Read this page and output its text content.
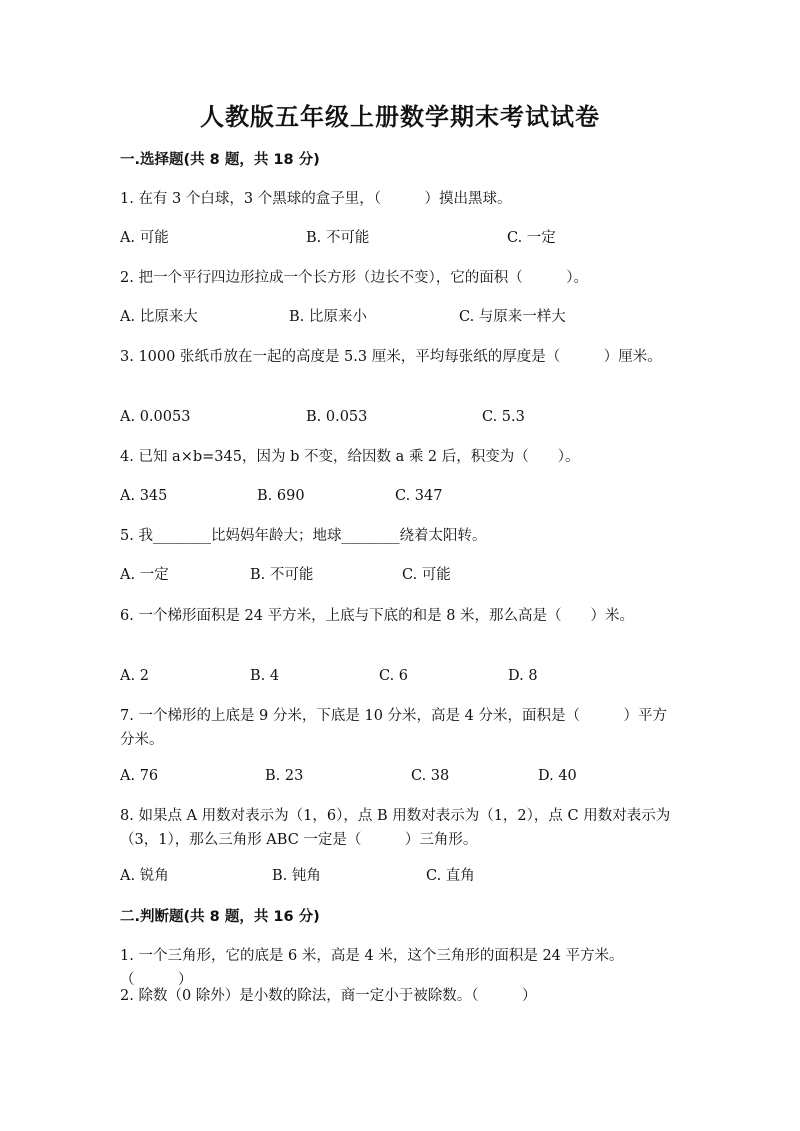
人教版五年级上册数学期末考试试卷
一.选择题(共 8 题，共 18 分)
1. 在有 3 个白球，3 个黑球的盒子里，（　　　）摸出黑球。
A. 可能	B. 不可能	C. 一定
2. 把一个平行四边形拉成一个长方形（边长不变），它的面积（　　　）。
A. 比原来大	B. 比原来小	C. 与原来一样大
3. 1000 张纸币放在一起的高度是 5.3 厘米，平均每张纸的厚度是（　　　）厘米。
A. 0.0053	B. 0.053	C. 5.3
4. 已知 a×b=345，因为 b 不变，给因数 a 乘 2 后，积变为（　　）。
A. 345	B. 690	C. 347
5. 我________比妈妈年龄大；地球________绕着太阳转。
A. 一定	B. 不可能	C. 可能
6. 一个梯形面积是 24 平方米，上底与下底的和是 8 米，那么高是（　　）米。
A. 2	B. 4	C. 6	D. 8
7. 一个梯形的上底是 9 分米，下底是 10 分米，高是 4 分米，面积是（　　　）平方分米。
A. 76	B. 23	C. 38	D. 40
8. 如果点 A 用数对表示为（1，6），点 B 用数对表示为（1，2），点 C 用数对表示为（3，1），那么三角形 ABC 一定是（　　　）三角形。
A. 锐角	B. 钝角	C. 直角
二.判断题(共 8 题，共 16 分)
1. 一个三角形，它的底是 6 米，高是 4 米，这个三角形的面积是 24 平方米。（　　　）
2. 除数（0 除外）是小数的除法，商一定小于被除数。（　　　）
